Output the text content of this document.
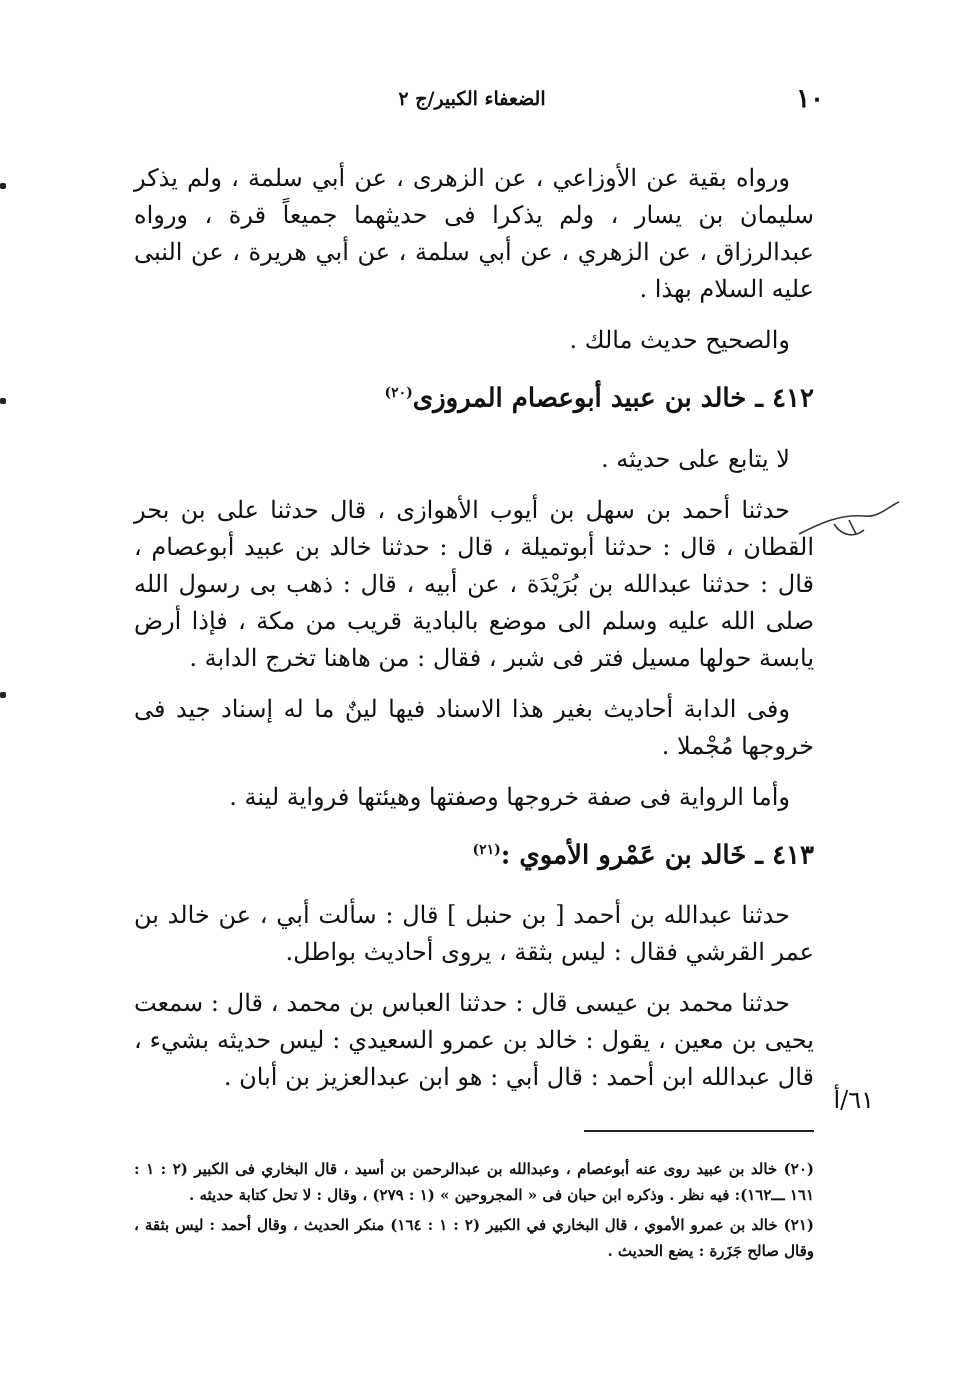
١٠
الضعفاء الكبير/ج ٢

ورواه بقية عن الأوزاعي ، عن الزهرى ، عن أبي سلمة ، ولم يذكر سليمان بن يسار ، ولم يذكرا فى حديثهما جميعاً قرة ، ورواه عبدالرزاق ، عن الزهري ، عن أبي سلمة ، عن أبي هريرة ، عن النبى عليه السلام بهذا .

والصحيح حديث مالك .

٤١٢ ـ خالد بن عبيد أبوعصام المروزى$^{(٢٠)}$

لا يتابع على حديثه .

حدثنا أحمد بن سهل بن أيوب الأهوازى ، قال حدثنا على بن بحر القطان ، قال : حدثنا أبوتميلة ، قال : حدثنا خالد بن عبيد أبوعصام ، قال : حدثنا عبدالله بن بُرَيْدَة ، عن أبيه ، قال : ذهب بى رسول الله صلى الله عليه وسلم الى موضع بالبادية قريب من مكة ، فإذا أرض يابسة حولها مسيل فتر فى شبر ، فقال : من هاهنا تخرج الدابة .

وفى الدابة أحاديث بغير هذا الاسناد فيها لينٌ ما له إسناد جيد فى خروجها مُجْملا .

وأما الرواية فى صفة خروجها وصفتها وهيئتها فرواية لينة .

٤١٣ ـ خَالد بن عَمْرو الأموي :$^{(٢١)}$

حدثنا عبدالله بن أحمد [ بن حنبل ] قال : سألت أبي ، عن خالد بن عمر القرشي فقال : ليس بثقة ، يروى أحاديث بواطل.

حدثنا محمد بن عيسى قال : حدثنا العباس بن محمد ، قال : سمعت يحيى بن معين ، يقول : خالد بن عمرو السعيدي : ليس حديثه بشيء ، قال عبدالله ابن أحمد : قال أبي : هو ابن عبدالعزيز بن أبان .

٦١/أ

(٢٠) خالد بن عبيد روى عنه أبوعصام ، وعبدالله بن عبدالرحمن بن أسيد ، قال البخاري فى الكبير (٢ : ١ : ١٦١ ـــ١٦٢): فيه نظر . وذكره ابن حبان فى « المجروحين » (١ : ٢٧٩) ، وقال : لا تحل كتابة حديثه .

(٢١) خالد بن عمرو الأموي ، قال البخاري في الكبير (٢ : ١ : ١٦٤) منكر الحديث ، وقال أحمد : ليس بثقة ، وقال صالح جَزَرة : يضع الحديث .
